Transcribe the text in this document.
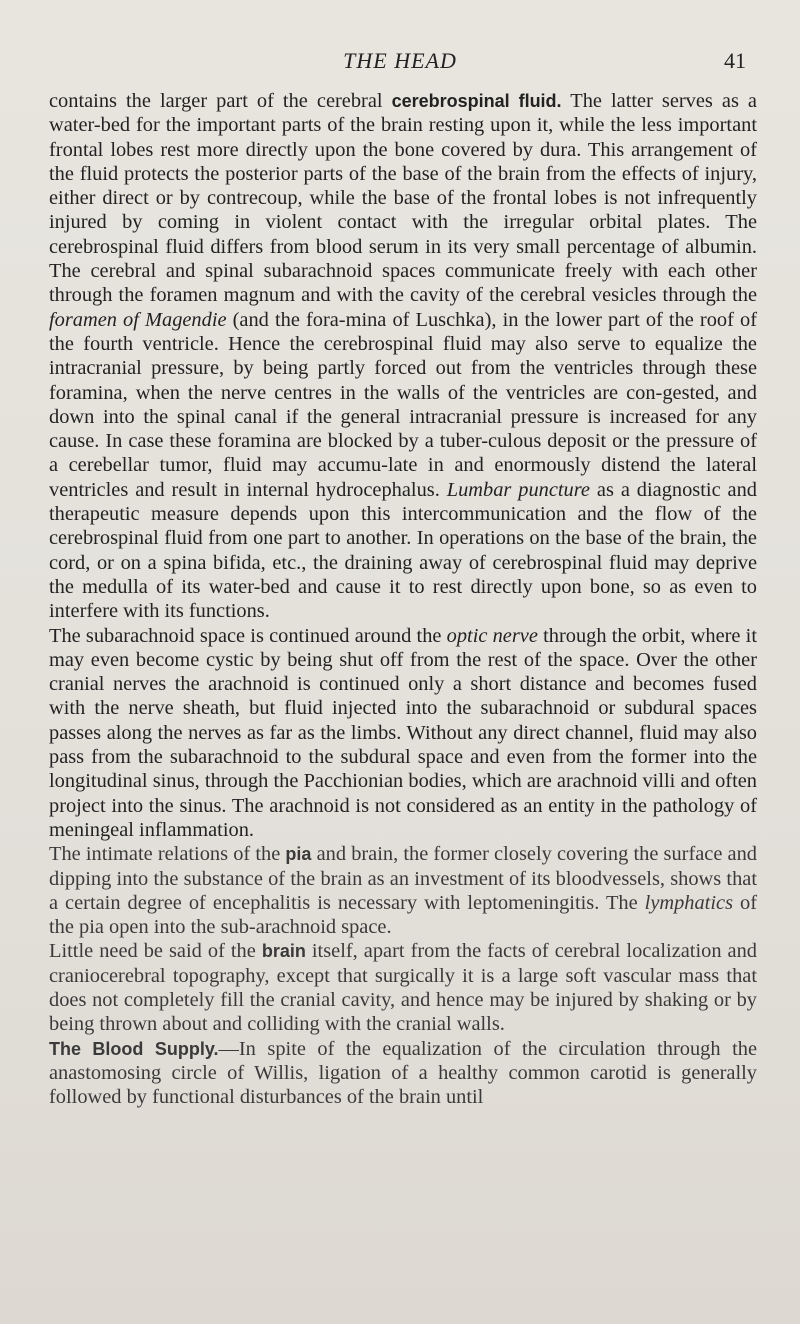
THE HEAD	41

contains the larger part of the cerebral cerebrospinal fluid. The latter serves as a water-bed for the important parts of the brain resting upon it, while the less important frontal lobes rest more directly upon the bone covered by dura. This arrangement of the fluid protects the posterior parts of the base of the brain from the effects of injury, either direct or by contrecoup, while the base of the frontal lobes is not infrequently injured by coming in violent contact with the irregular orbital plates. The cerebrospinal fluid differs from blood serum in its very small percentage of albumin. The cerebral and spinal subarachnoid spaces communicate freely with each other through the foramen magnum and with the cavity of the cerebral vesicles through the foramen of Magendie (and the fora-mina of Luschka), in the lower part of the roof of the fourth ventricle. Hence the cerebrospinal fluid may also serve to equalize the intracranial pressure, by being partly forced out from the ventricles through these foramina, when the nerve centres in the walls of the ventricles are con-gested, and down into the spinal canal if the general intracranial pressure is increased for any cause. In case these foramina are blocked by a tuber-culous deposit or the pressure of a cerebellar tumor, fluid may accumu-late in and enormously distend the lateral ventricles and result in internal hydrocephalus. Lumbar puncture as a diagnostic and therapeutic measure depends upon this intercommunication and the flow of the cerebrospinal fluid from one part to another. In operations on the base of the brain, the cord, or on a spina bifida, etc., the draining away of cerebrospinal fluid may deprive the medulla of its water-bed and cause it to rest directly upon bone, so as even to interfere with its functions.

The subarachnoid space is continued around the optic nerve through the orbit, where it may even become cystic by being shut off from the rest of the space. Over the other cranial nerves the arachnoid is continued only a short distance and becomes fused with the nerve sheath, but fluid injected into the subarachnoid or subdural spaces passes along the nerves as far as the limbs. Without any direct channel, fluid may also pass from the subarachnoid to the subdural space and even from the former into the longitudinal sinus, through the Pacchionian bodies, which are arachnoid villi and often project into the sinus. The arachnoid is not considered as an entity in the pathology of meningeal inflammation.

The intimate relations of the pia and brain, the former closely covering the surface and dipping into the substance of the brain as an investment of its bloodvessels, shows that a certain degree of encephalitis is necessary with leptomeningitis. The lymphatics of the pia open into the sub-arachnoid space.

Little need be said of the brain itself, apart from the facts of cerebral localization and craniocerebral topography, except that surgically it is a large soft vascular mass that does not completely fill the cranial cavity, and hence may be injured by shaking or by being thrown about and colliding with the cranial walls.

The Blood Supply.—In spite of the equalization of the circulation through the anastomosing circle of Willis, ligation of a healthy common carotid is generally followed by functional disturbances of the brain until
